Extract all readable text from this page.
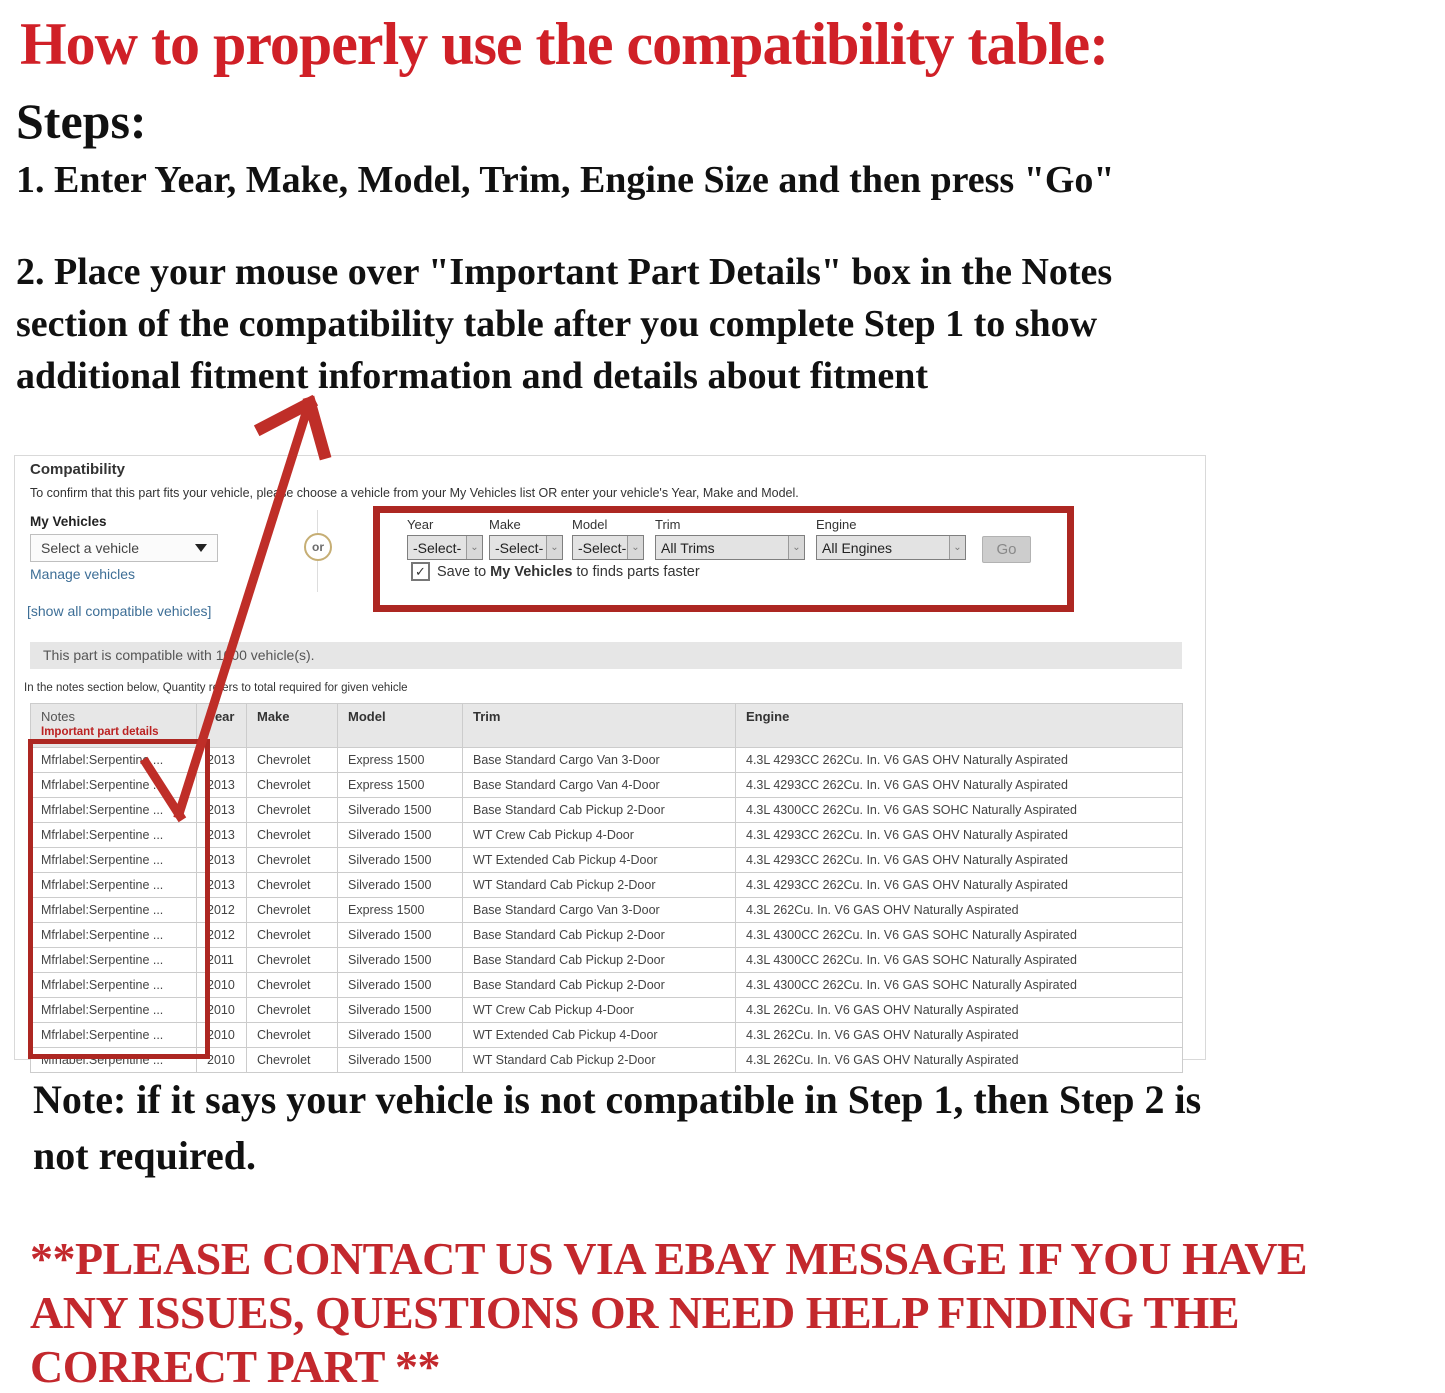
How to properly use the compatibility table:
Steps:
1. Enter Year, Make, Model, Trim, Engine Size and then press "Go"
2. Place your mouse over "Important Part Details" box in the Notes
section of the compatibility table after you complete Step 1 to show
additional fitment information and details about fitment
Compatibility
To confirm that this part fits your vehicle, please choose a vehicle from your My Vehicles list OR enter your vehicle's Year, Make and Model.
My Vehicles
Select a vehicle
Manage vehicles
[show all compatible vehicles]
or
Year	Make	Model	Trim	Engine
-Select- ⌄	-Select- ⌄	-Select- ⌄	All Trims	⌄	All Engines	⌄	Go
✓
Save to My Vehicles to finds parts faster
This part is compatible with 1000 vehicle(s).
In the notes section below, Quantity refers to total required for given vehicle
Notes
Important part details	Year	Make	Model	Trim	Engine
Mfrlabel:Serpentine ...	2013	Chevrolet	Express 1500	Base Standard Cargo Van 3-Door	4.3L 4293CC 262Cu. In. V6 GAS OHV Naturally Aspirated
Mfrlabel:Serpentine ...	2013	Chevrolet	Express 1500	Base Standard Cargo Van 4-Door	4.3L 4293CC 262Cu. In. V6 GAS OHV Naturally Aspirated
Mfrlabel:Serpentine ...	2013	Chevrolet	Silverado 1500	Base Standard Cab Pickup 2-Door	4.3L 4300CC 262Cu. In. V6 GAS SOHC Naturally Aspirated
Mfrlabel:Serpentine ...	2013	Chevrolet	Silverado 1500	WT Crew Cab Pickup 4-Door	4.3L 4293CC 262Cu. In. V6 GAS OHV Naturally Aspirated
Mfrlabel:Serpentine ...	2013	Chevrolet	Silverado 1500	WT Extended Cab Pickup 4-Door	4.3L 4293CC 262Cu. In. V6 GAS OHV Naturally Aspirated
Mfrlabel:Serpentine ...	2013	Chevrolet	Silverado 1500	WT Standard Cab Pickup 2-Door	4.3L 4293CC 262Cu. In. V6 GAS OHV Naturally Aspirated
Mfrlabel:Serpentine ...	2012	Chevrolet	Express 1500	Base Standard Cargo Van 3-Door	4.3L 262Cu. In. V6 GAS OHV Naturally Aspirated
Mfrlabel:Serpentine ...	2012	Chevrolet	Silverado 1500	Base Standard Cab Pickup 2-Door	4.3L 4300CC 262Cu. In. V6 GAS SOHC Naturally Aspirated
Mfrlabel:Serpentine ...	2011	Chevrolet	Silverado 1500	Base Standard Cab Pickup 2-Door	4.3L 4300CC 262Cu. In. V6 GAS SOHC Naturally Aspirated
Mfrlabel:Serpentine ...	2010	Chevrolet	Silverado 1500	Base Standard Cab Pickup 2-Door	4.3L 4300CC 262Cu. In. V6 GAS SOHC Naturally Aspirated
Mfrlabel:Serpentine ...	2010	Chevrolet	Silverado 1500	WT Crew Cab Pickup 4-Door	4.3L 262Cu. In. V6 GAS OHV Naturally Aspirated
Mfrlabel:Serpentine ...	2010	Chevrolet	Silverado 1500	WT Extended Cab Pickup 4-Door	4.3L 262Cu. In. V6 GAS OHV Naturally Aspirated
Mfrlabel:Serpentine ...	2010	Chevrolet	Silverado 1500	WT Standard Cab Pickup 2-Door	4.3L 262Cu. In. V6 GAS OHV Naturally Aspirated
Note: if it says your vehicle is not compatible in Step 1, then Step 2 is
not required.
**PLEASE CONTACT US VIA EBAY MESSAGE IF YOU HAVE
ANY ISSUES, QUESTIONS OR NEED HELP FINDING THE
CORRECT PART **
